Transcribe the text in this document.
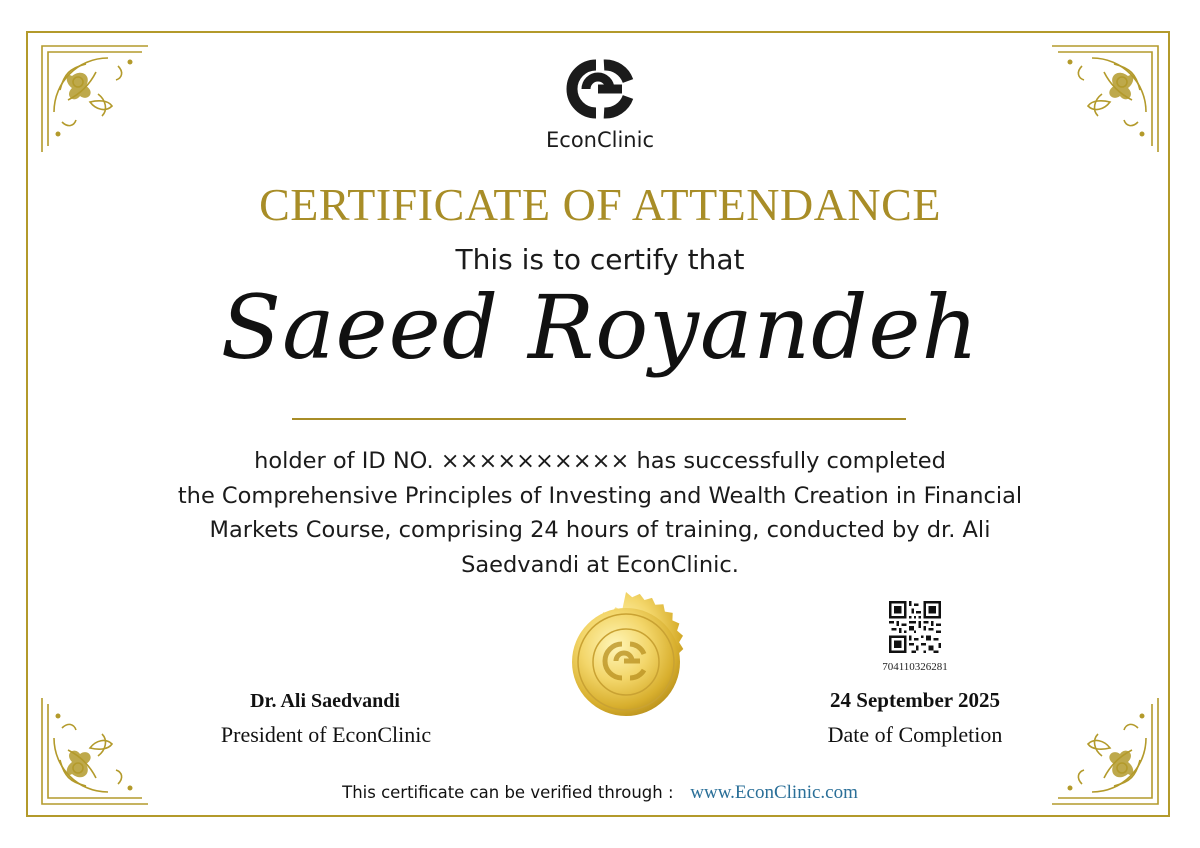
EconClinic
CERTIFICATE OF ATTENDANCE
This is to certify that
Saeed Royandeh
holder of ID NO. ×××××××××× has successfully completed
the Comprehensive Principles of Investing and Wealth Creation in Financial
Markets Course, comprising 24 hours of training, conducted by dr. Ali
Saedvandi at EconClinic.
704110326281
Dr. Ali Saedvandi
President of EconClinic
24 September 2025
Date of Completion
This certificate can be verified through : www.EconClinic.com
